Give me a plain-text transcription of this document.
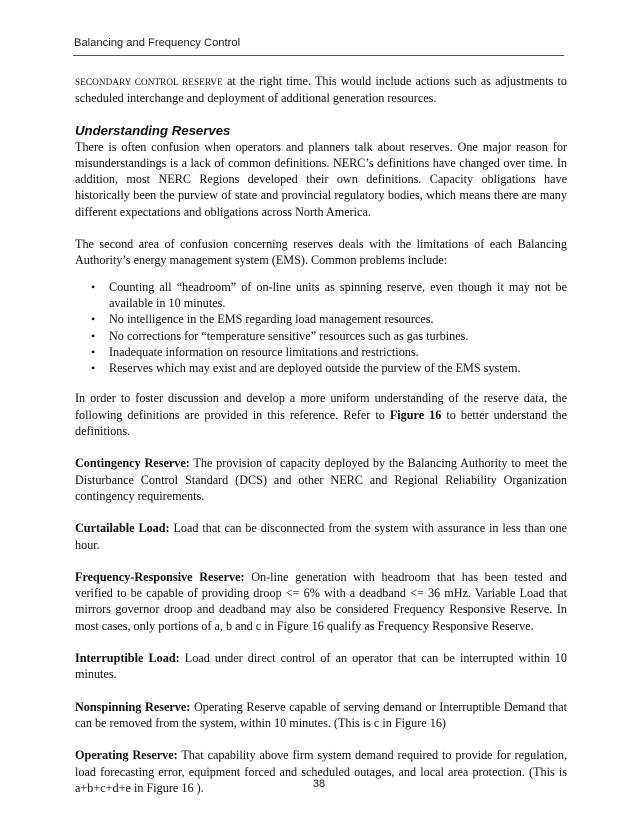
Balancing and Frequency Control

SECONDARY CONTROL RESERVE at the right time. This would include actions such as adjustments to scheduled interchange and deployment of additional generation resources.

Understanding Reserves

There is often confusion when operators and planners talk about reserves. One major reason for misunderstandings is a lack of common definitions. NERC’s definitions have changed over time. In addition, most NERC Regions developed their own definitions. Capacity obligations have historically been the purview of state and provincial regulatory bodies, which means there are many different expectations and obligations across North America.

The second area of confusion concerning reserves deals with the limitations of each Balancing Authority’s energy management system (EMS). Common problems include:

• Counting all “headroom” of on-line units as spinning reserve, even though it may not be available in 10 minutes.
• No intelligence in the EMS regarding load management resources.
• No corrections for “temperature sensitive” resources such as gas turbines.
• Inadequate information on resource limitations and restrictions.
• Reserves which may exist and are deployed outside the purview of the EMS system.

In order to foster discussion and develop a more uniform understanding of the reserve data, the following definitions are provided in this reference. Refer to Figure 16 to better understand the definitions.

Contingency Reserve: The provision of capacity deployed by the Balancing Authority to meet the Disturbance Control Standard (DCS) and other NERC and Regional Reliability Organization contingency requirements.

Curtailable Load: Load that can be disconnected from the system with assurance in less than one hour.

Frequency-Responsive Reserve: On-line generation with headroom that has been tested and verified to be capable of providing droop <= 6% with a deadband <= 36 mHz. Variable Load that mirrors governor droop and deadband may also be considered Frequency Responsive Reserve. In most cases, only portions of a, b and c in Figure 16 qualify as Frequency Responsive Reserve.

Interruptible Load: Load under direct control of an operator that can be interrupted within 10 minutes.

Nonspinning Reserve: Operating Reserve capable of serving demand or Interruptible Demand that can be removed from the system, within 10 minutes. (This is c in Figure 16)

Operating Reserve: That capability above firm system demand required to provide for regulation, load forecasting error, equipment forced and scheduled outages, and local area protection. (This is a+b+c+d+e in Figure 16 ).	38
